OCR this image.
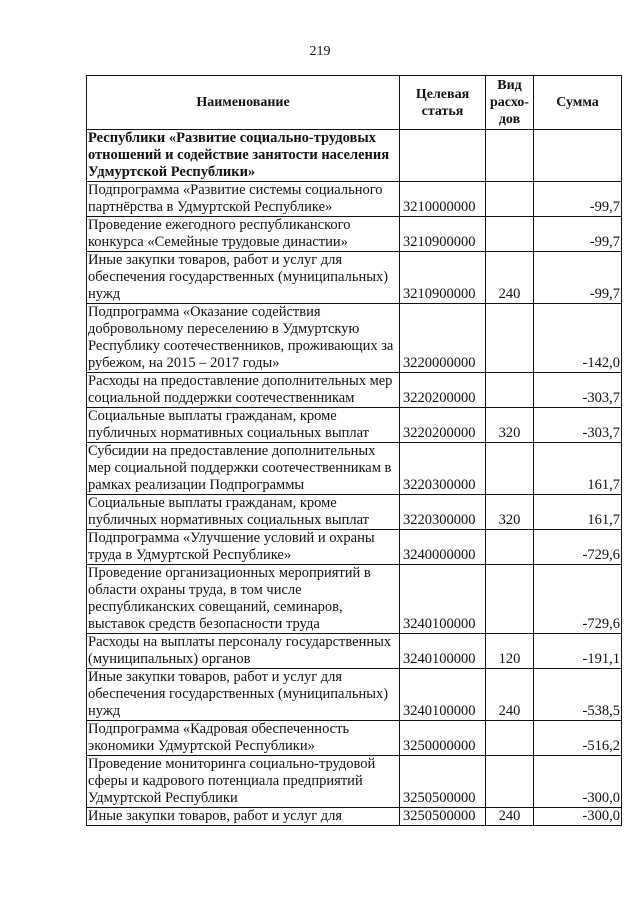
219
Наименование	Целевая статья	Вид расхо-дов	Сумма
Республики «Развитие социально-трудовых отношений и содействие занятости населения Удмуртской Республики»			
Подпрограмма «Развитие системы социального партнёрства в Удмуртской Республике»	3210000000		-99,7
Проведение ежегодного республиканского конкурса «Семейные трудовые династии»	3210900000		-99,7
Иные закупки товаров, работ и услуг для обеспечения государственных (муниципальных) нужд	3210900000	240	-99,7
Подпрограмма «Оказание содействия добровольному переселению в Удмуртскую Республику соотечественников, проживающих за рубежом, на 2015 – 2017 годы»	3220000000		-142,0
Расходы на предоставление дополнительных мер социальной поддержки соотечественникам	3220200000		-303,7
Социальные выплаты гражданам, кроме публичных нормативных социальных выплат	3220200000	320	-303,7
Субсидии на предоставление дополнительных мер социальной поддержки соотечественникам в рамках реализации Подпрограммы	3220300000		161,7
Социальные выплаты гражданам, кроме публичных нормативных социальных выплат	3220300000	320	161,7
Подпрограмма «Улучшение условий и охраны труда в Удмуртской Республике»	3240000000		-729,6
Проведение организационных мероприятий в области охраны труда, в том числе республиканских совещаний, семинаров, выставок средств безопасности труда	3240100000		-729,6
Расходы на выплаты персоналу государственных (муниципальных) органов	3240100000	120	-191,1
Иные закупки товаров, работ и услуг для обеспечения государственных (муниципальных) нужд	3240100000	240	-538,5
Подпрограмма «Кадровая обеспеченность экономики Удмуртской Республики»	3250000000		-516,2
Проведение мониторинга социально-трудовой сферы и кадрового потенциала предприятий Удмуртской Республики	3250500000		-300,0
Иные закупки товаров, работ и услуг для	3250500000	240	-300,0
